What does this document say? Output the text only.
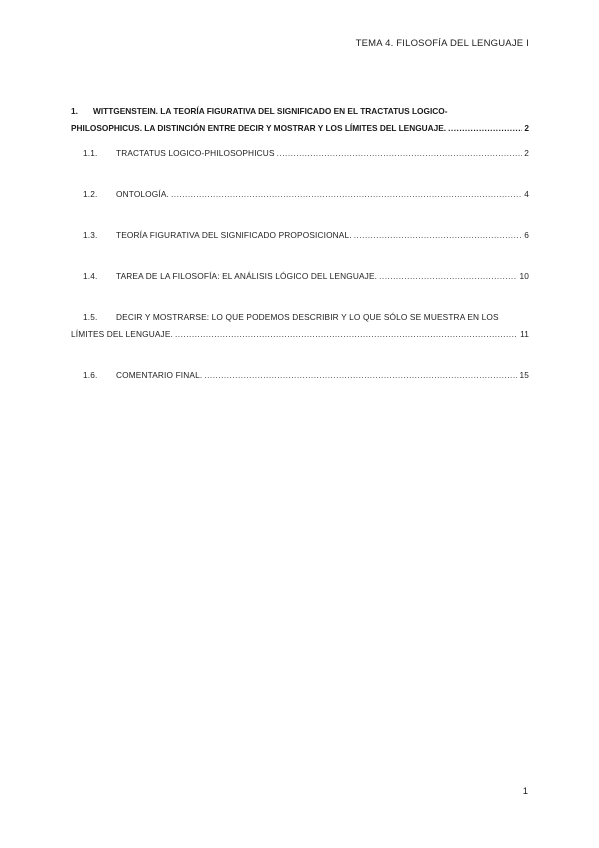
TEMA 4. FILOSOFÍA DEL LENGUAJE I
1.	WITTGENSTEIN. LA TEORÍA FIGURATIVA DEL SIGNIFICADO EN EL TRACTATUS LOGICO-
PHILOSOPHICUS. LA DISTINCIÓN ENTRE DECIR Y MOSTRAR Y LOS LÍMITES DEL LENGUAJE. .....	2
1.1.	TRACTATUS LOGICO-PHILOSOPHICUS .....	2
1.2.	ONTOLOGÍA. .....	4
1.3.	TEORÍA FIGURATIVA DEL SIGNIFICADO PROPOSICIONAL. .....	6
1.4.	TAREA DE LA FILOSOFÍA: EL ANÁLISIS LÓGICO DEL LENGUAJE. .....	10
1.5.	DECIR Y MOSTRARSE: LO QUE PODEMOS DESCRIBIR Y LO QUE SÓLO SE MUESTRA EN LOS
LÍMITES DEL LENGUAJE. .....	11
1.6.	COMENTARIO FINAL. .....	15
1
